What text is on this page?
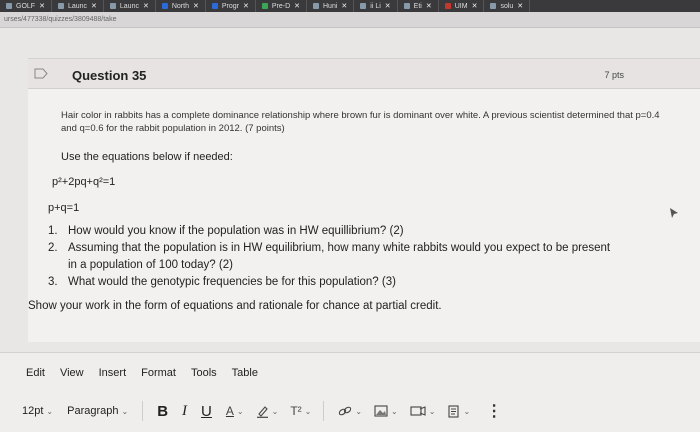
GOLF ✕	Launc ✕	Launc ✕	North ✕	Progr ✕	Pre-D ✕	Huni ✕	ii Li ✕	Eti ✕	UIM ✕	solu ✕
urses/477338/quizzes/3809488/take
Question 35	7 pts
Hair color in rabbits has a complete dominance relationship where brown fur is dominant over white. A previous scientist determined that p=0.4 and q=0.6 for the rabbit population in 2012. (7 points)
Use the equations below if needed:
p²+2pq+q²=1
p+q=1
1. How would you know if the population was in HW equillibrium? (2)
2. Assuming that the population is in HW equilibrium, how many white rabbits would you expect to be present
in a population of 100 today? (2)
3. What would the genotypic frequencies be for this population? (3)
Show your work in the form of equations and rationale for chance at partial credit.
Edit View Insert Format Tools Table
12pt ⌄ Paragraph ⌄ B I U A ⌄	⌄ T² ⌄	⌄	⌄	⌄	⌄ ⋮
